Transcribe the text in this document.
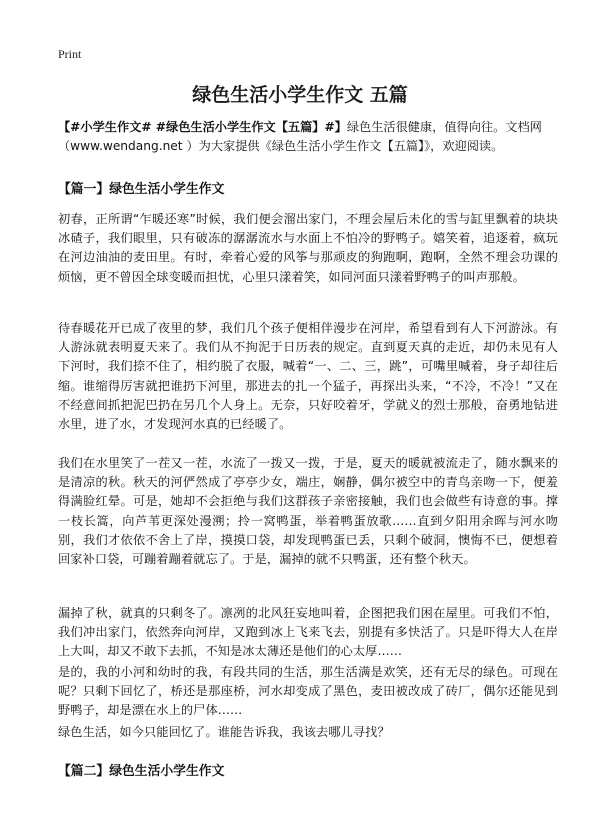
Print
绿色生活小学生作文 五篇
【#小学生作文# #绿色生活小学生作文【五篇】#】绿色生活很健康，值得向往。文档网（www.wendang.net ）为大家提供《绿色生活小学生作文【五篇】》，欢迎阅读。
【篇一】绿色生活小学生作文
初春，正所谓“乍暖还寒”时候，我们便会溜出家门，不理会屋后未化的雪与缸里飘着的块块冰碴子，我们眼里，只有破冻的潺潺流水与水面上不怕冷的野鸭子。嬉笑着，追逐着，疯玩在河边油油的麦田里。有时，牵着心爱的风筝与那顽皮的狗跑啊，跑啊，全然不理会功课的烦恼，更不曾因全球变暖而担忧，心里只漾着笑，如同河面只漾着野鸭子的叫声那般。
待春暖花开已成了夜里的梦，我们几个孩子便相伴漫步在河岸，希望看到有人下河游泳。有人游泳就表明夏天来了。我们从不拘泥于日历表的规定。直到夏天真的走近，却仍未见有人下河时，我们捺不住了，相约脱了衣服，喊着“一、二、三，跳”，可嘴里喊着，身子却往后缩。谁缩得厉害就把谁扔下河里，那进去的扎一个猛子，再探出头来，“不冷，不冷！”又在不经意间抓把泥巴扔在另几个人身上。无奈，只好咬着牙，学就义的烈士那般，奋勇地钻进水里，进了水，才发现河水真的已经暖了。
我们在水里笑了一茬又一茬，水流了一拨又一拨，于是，夏天的暖就被流走了，随水飘来的是清凉的秋。秋天的河俨然成了亭亭少女，端庄，娴静，偶尔被空中的青鸟亲吻一下，便羞得满脸红晕。可是，她却不会拒绝与我们这群孩子亲密接触，我们也会做些有诗意的事。撑一枝长篙，向芦苇更深处漫溯；拎一窝鸭蛋，举着鸭蛋放歌……直到夕阳用余晖与河水吻别，我们才依依不舍上了岸，摸摸口袋，却发现鸭蛋已丢，只剩个破洞，懊悔不已，便想着回家补口袋，可蹦着蹦着就忘了。于是，漏掉的就不只鸭蛋，还有整个秋天。
漏掉了秋，就真的只剩冬了。凛冽的北风狂妄地叫着，企图把我们困在屋里。可我们不怕，我们冲出家门，依然奔向河岸，又跑到冰上飞来飞去，别提有多快活了。只是吓得大人在岸上大叫，却又不敢下去抓，不知是冰太薄还是他们的心太厚……
是的，我的小河和幼时的我，有段共同的生活，那生活满是欢笑，还有无尽的绿色。可现在呢？只剩下回忆了，桥还是那座桥，河水却变成了黑色，麦田被改成了砖厂，偶尔还能见到野鸭子，却是漂在水上的尸体……
绿色生活，如今只能回忆了。谁能告诉我，我该去哪儿寻找？
【篇二】绿色生活小学生作文
